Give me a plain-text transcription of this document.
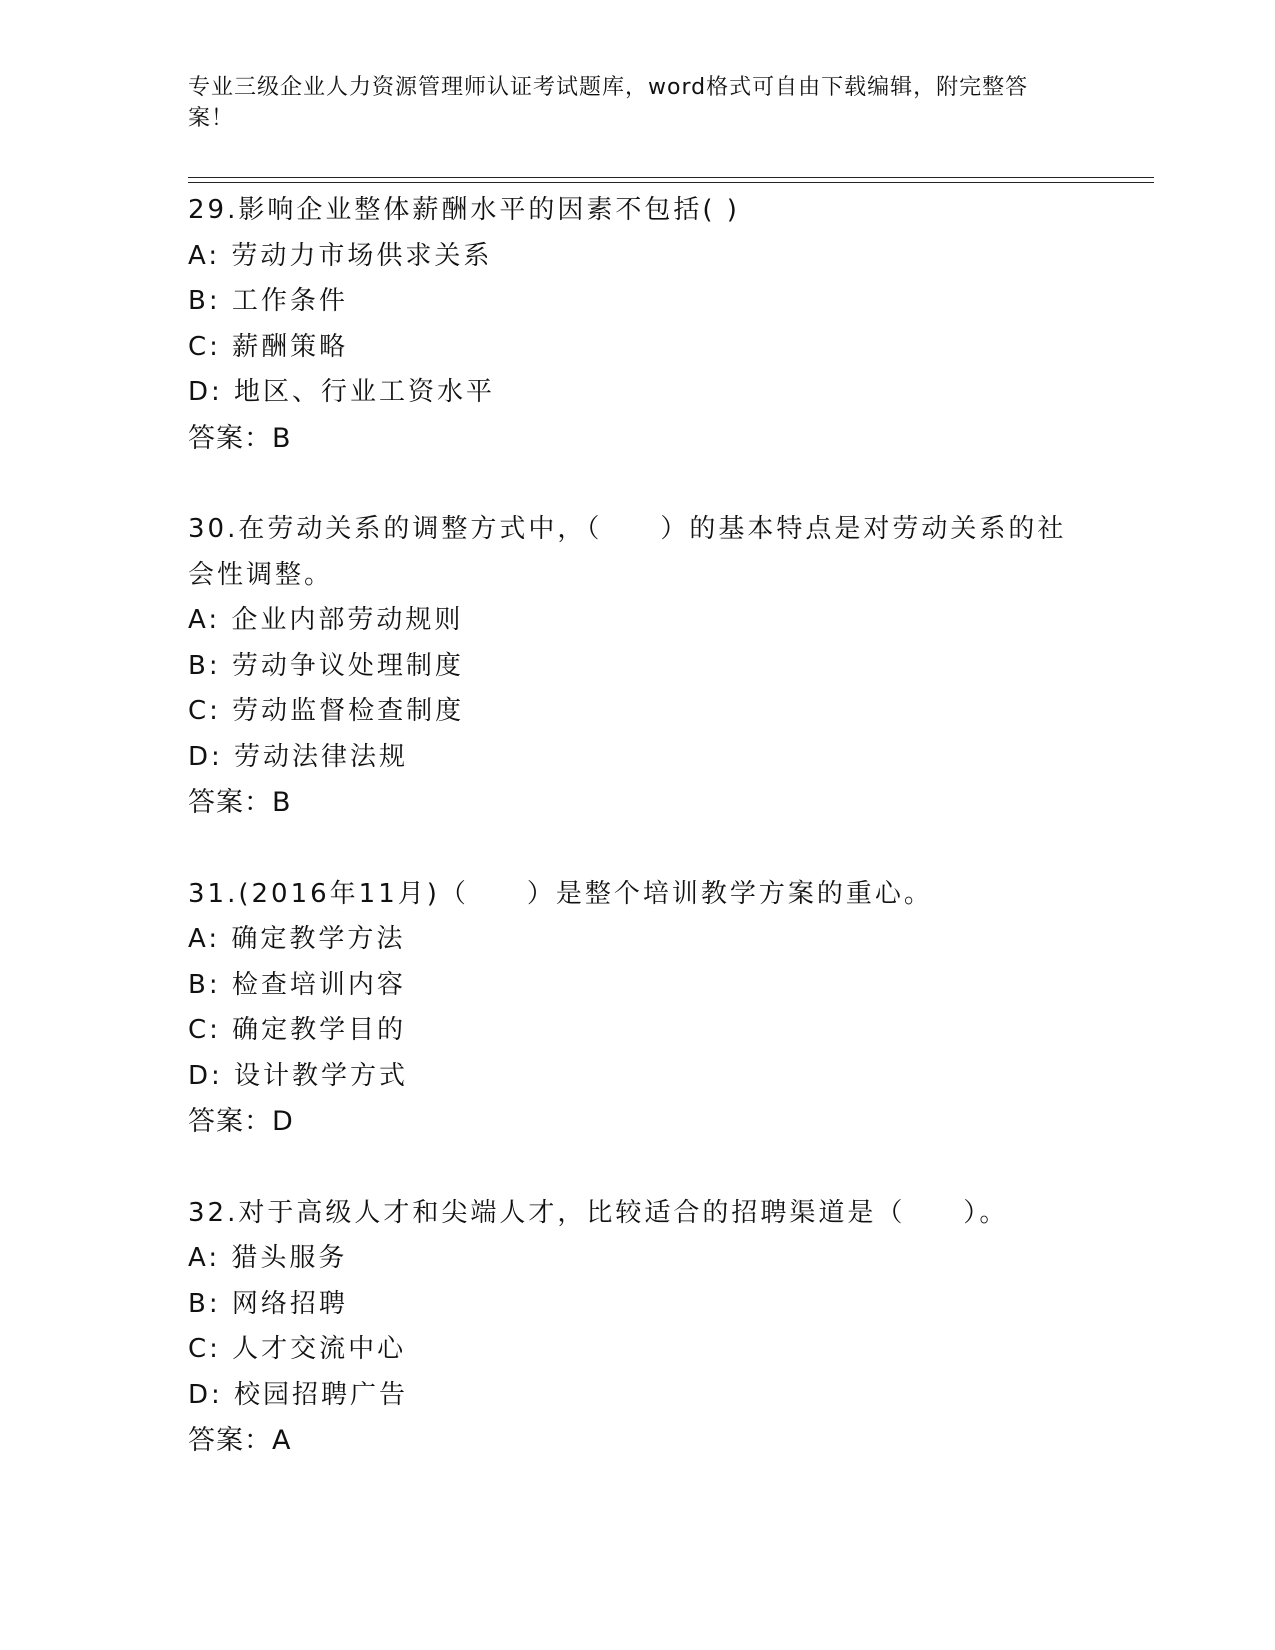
专业三级企业人力资源管理师认证考试题库，word格式可自由下载编辑，附完整答案！
29.影响企业整体薪酬水平的因素不包括( )
A: 劳动力市场供求关系
B: 工作条件
C: 薪酬策略
D: 地区、行业工资水平
答案：B
30.在劳动关系的调整方式中，（　　）的基本特点是对劳动关系的社会性调整。
A: 企业内部劳动规则
B: 劳动争议处理制度
C: 劳动监督检查制度
D: 劳动法律法规
答案：B
31.(2016年11月)（　　）是整个培训教学方案的重心。
A: 确定教学方法
B: 检查培训内容
C: 确定教学目的
D: 设计教学方式
答案：D
32.对于高级人才和尖端人才，比较适合的招聘渠道是（　　）。
A: 猎头服务
B: 网络招聘
C: 人才交流中心
D: 校园招聘广告
答案：A
